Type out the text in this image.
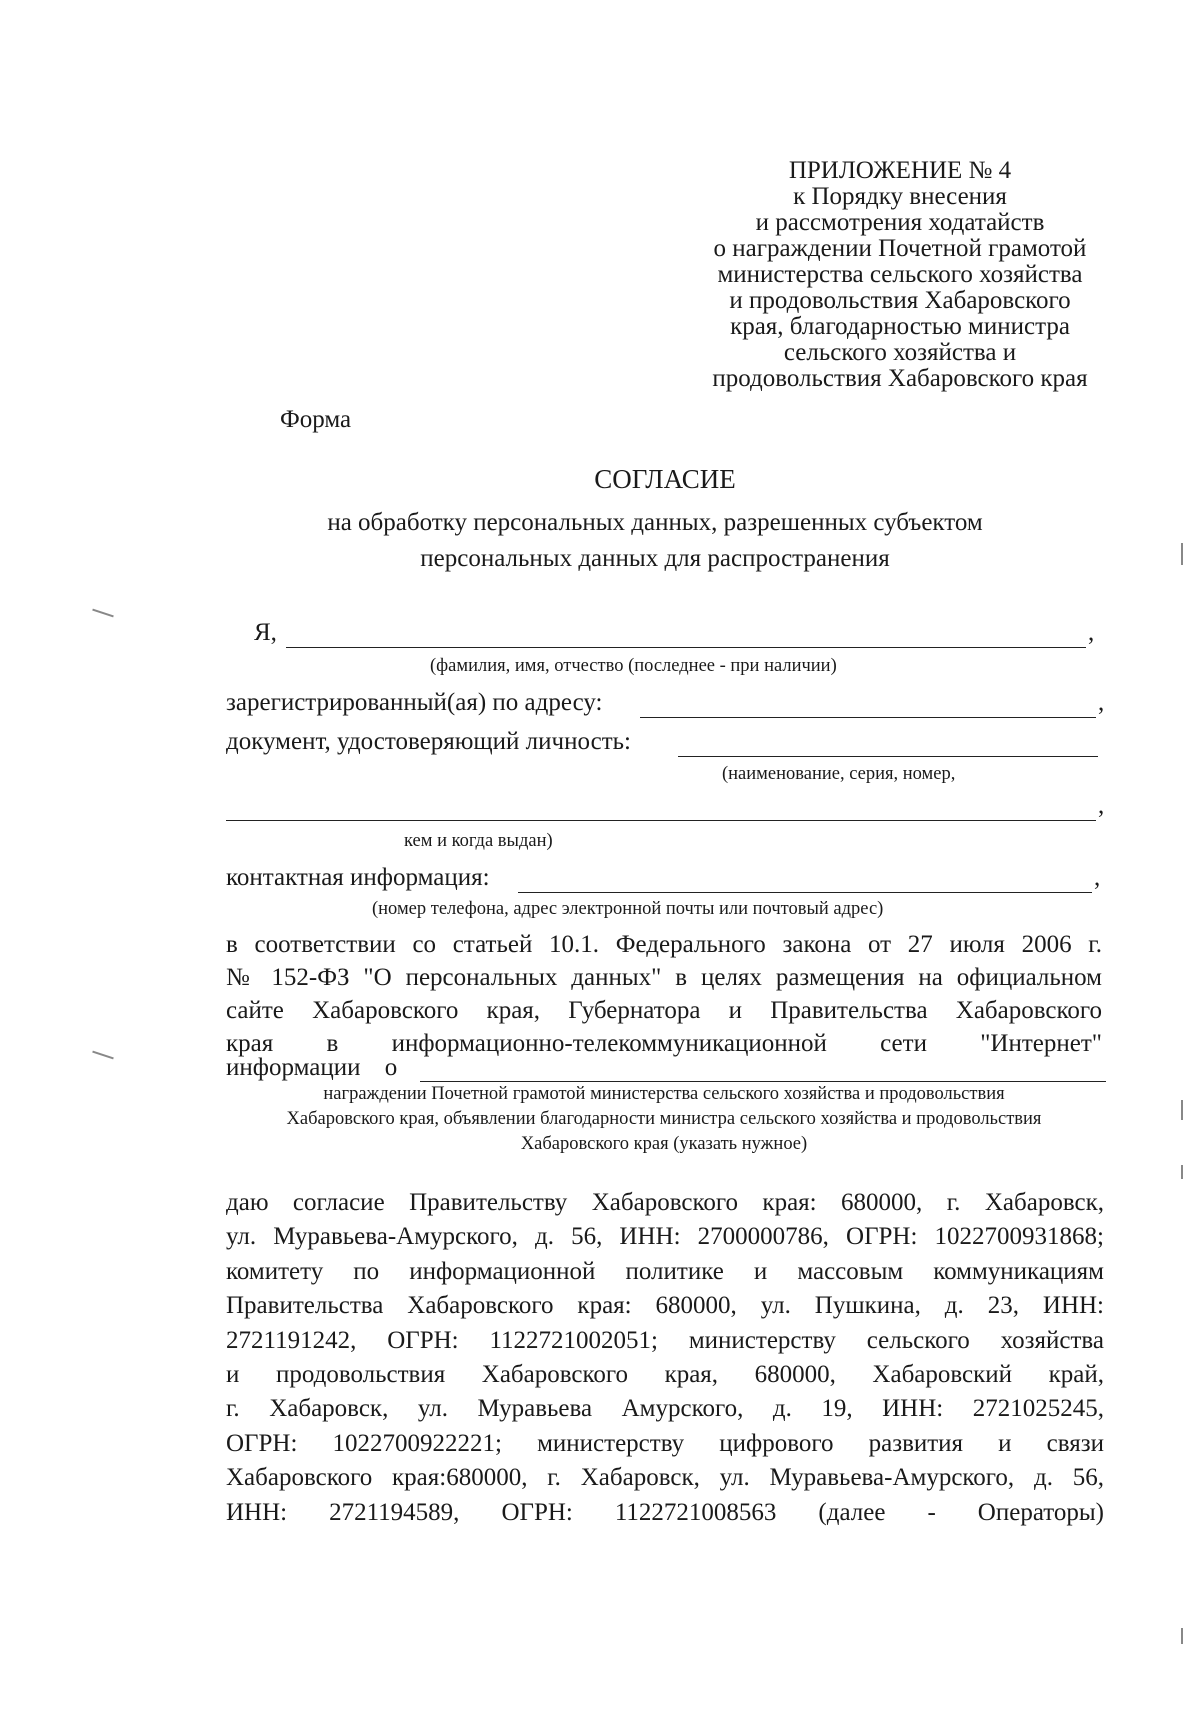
ПРИЛОЖЕНИЕ № 4
к Порядку внесения
и рассмотрения ходатайств
о награждении Почетной грамотой
министерства сельского хозяйства
и продовольствия Хабаровского
края, благодарностью министра
сельского хозяйства и
продовольствия Хабаровского края
Форма
СОГЛАСИЕ
на обработку персональных данных, разрешенных субъектом
персональных данных для распространения
Я,	,
(фамилия, имя, отчество (последнее - при наличии)
зарегистрированный(ая) по адресу:	,
документ, удостоверяющий личность:
(наименование, серия, номер,
,
кем и когда выдан)
контактная информация:	,
(номер телефона, адрес электронной почты или почтовый адрес)
в соответствии со статьей 10.1. Федерального закона от 27 июля 2006 г.
№ 152-ФЗ "О персональных данных" в целях размещения на официальном
сайте Хабаровского края, Губернатора и Правительства Хабаровского
края в информационно-телекоммуникационной сети "Интернет"
информации о
награждении Почетной грамотой министерства сельского хозяйства и продовольствия
Хабаровского края, объявлении благодарности министра сельского хозяйства и продовольствия
Хабаровского края (указать нужное)
даю согласие Правительству Хабаровского края: 680000, г. Хабаровск,
ул. Муравьева-Амурского, д. 56, ИНН: 2700000786, ОГРН: 1022700931868;
комитету по информационной политике и массовым коммуникациям
Правительства Хабаровского края: 680000, ул. Пушкина, д. 23, ИНН:
2721191242, ОГРН: 1122721002051; министерству сельского хозяйства
и продовольствия Хабаровского края, 680000, Хабаровский край,
г. Хабаровск, ул. Муравьева Амурского, д. 19, ИНН: 2721025245,
ОГРН: 1022700922221; министерству цифрового развития и связи
Хабаровского края:680000, г. Хабаровск, ул. Муравьева-Амурского, д. 56,
ИНН: 2721194589, ОГРН: 1122721008563 (далее - Операторы)
